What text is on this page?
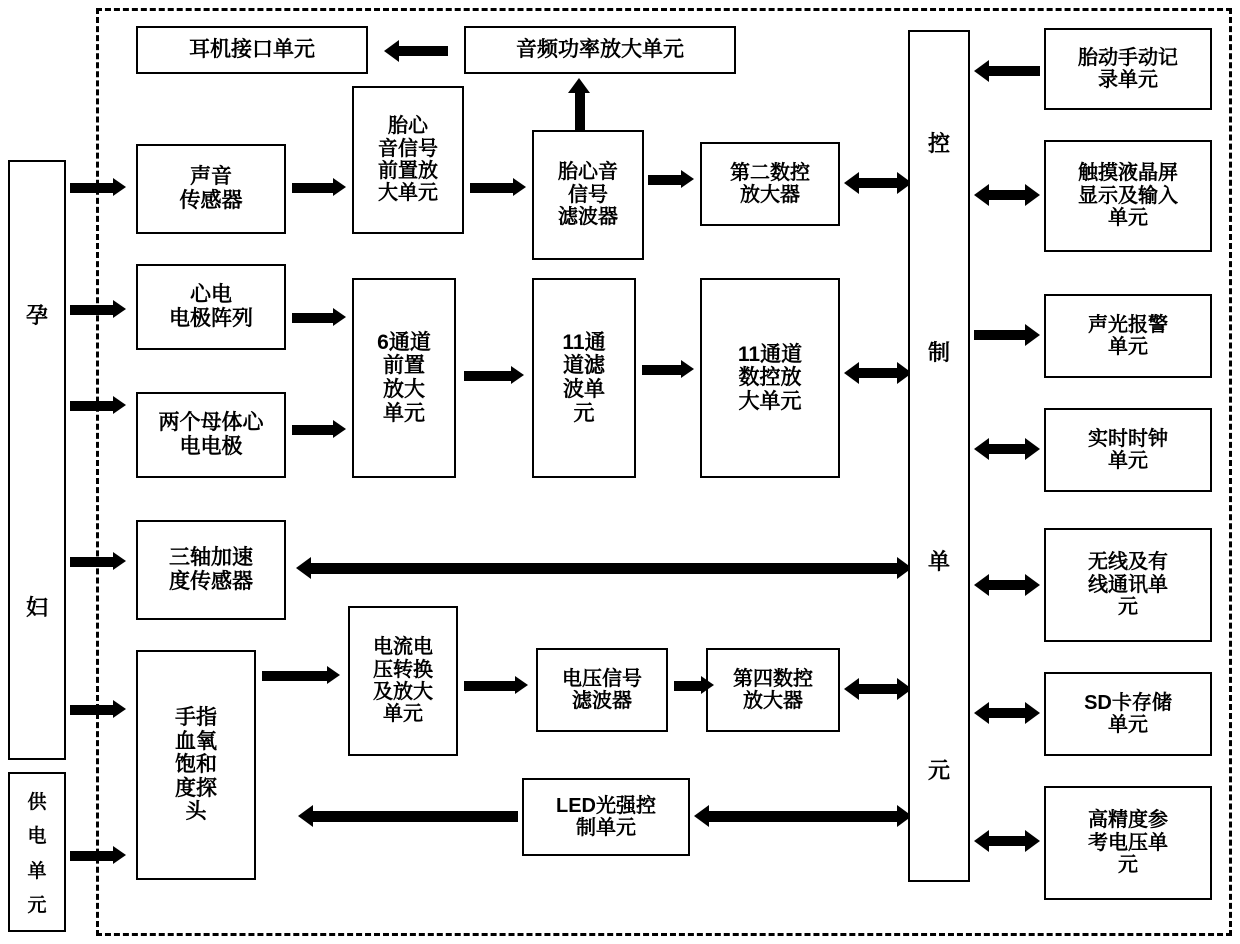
孕
妇
供
电
单
元
耳机接口单元	音频功率放大单元
声音
传感器
胎心
音信号
前置放
大单元
胎心音
信号
滤波器
第二数控
放大器
心电
电极阵列
两个母体心
电电极
6通道
前置
放大
单元
11通
道滤
波单
元
11通道
数控放
大单元
三轴加速
度传感器
手指
血氧
饱和
度探
头
电流电
压转换
及放大
单元
电压信号
滤波器
第四数控
放大器
LED光强控
制单元
控
制
单
元
胎动手动记
录单元
触摸液晶屏
显示及输入
单元
声光报警
单元
实时时钟
单元
无线及有
线通讯单
元
SD卡存储
单元
高精度参
考电压单
元
